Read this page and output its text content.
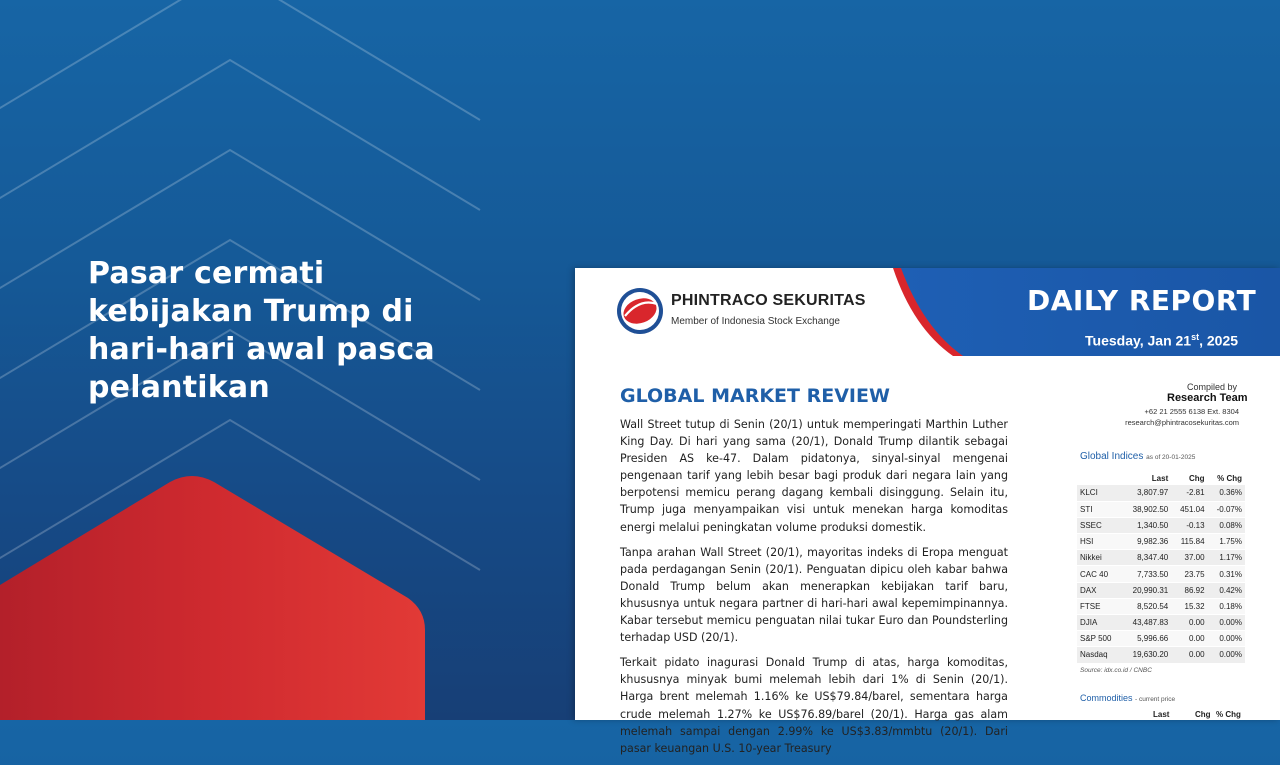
Pasar cermati kebijakan Trump di hari-hari awal pasca pelantikan
PHINTRACO SEKURITAS
Member of Indonesia Stock Exchange
DAILY REPORT
Tuesday, Jan 21st, 2025
GLOBAL MARKET REVIEW

Wall Street tutup di Senin (20/1) untuk memperingati Marthin Luther King Day. Di hari yang sama (20/1), Donald Trump dilantik sebagai Presiden AS ke-47. Dalam pidatonya, sinyal-sinyal mengenai pengenaan tarif yang lebih besar bagi produk dari negara lain yang berpotensi memicu perang dagang kembali disinggung. Selain itu, Trump juga menyampaikan visi untuk menekan harga komoditas energi melalui peningkatan volume produksi domestik.

Tanpa arahan Wall Street (20/1), mayoritas indeks di Eropa menguat pada perdagangan Senin (20/1). Penguatan dipicu oleh kabar bahwa Donald Trump belum akan menerapkan kebijakan tarif baru, khususnya untuk negara partner di hari-hari awal kepemimpinannya. Kabar tersebut memicu penguatan nilai tukar Euro dan Poundsterling terhadap USD (20/1).

Terkait pidato inagurasi Donald Trump di atas, harga komoditas, khususnya minyak bumi melemah lebih dari 1% di Senin (20/1). Harga brent melemah 1.16% ke US$79.84/barel, sementara harga crude melemah 1.27% ke US$76.89/barel (20/1). Harga gas alam melemah sampai dengan 2.99% ke US$3.83/mmbtu (20/1). Dari pasar keuangan U.S. 10-year Treasury

Compiled by
Research Team
+62 21 2555 6138 Ext. 8304
research@phintracosekuritas.com
Global Indices as of 20-01-2025
	Last	Chg	% Chg
KLCI	3,807.97	-2.81	0.36%
STI	38,902.50	451.04	-0.07%
SSEC	1,340.50	-0.13	0.08%
HSI	9,982.36	115.84	1.75%
Nikkei	8,347.40	37.00	1.17%
CAC 40	7,733.50	23.75	0.31%
DAX	20,990.31	86.92	0.42%
FTSE	8,520.54	15.32	0.18%
DJIA	43,487.83	0.00	0.00%
S&P 500	5,996.66	0.00	0.00%
Nasdaq	19,630.20	0.00	0.00%
Source: idx.co.id / CNBC
Commodities - current price
Last	Chg % Chg
